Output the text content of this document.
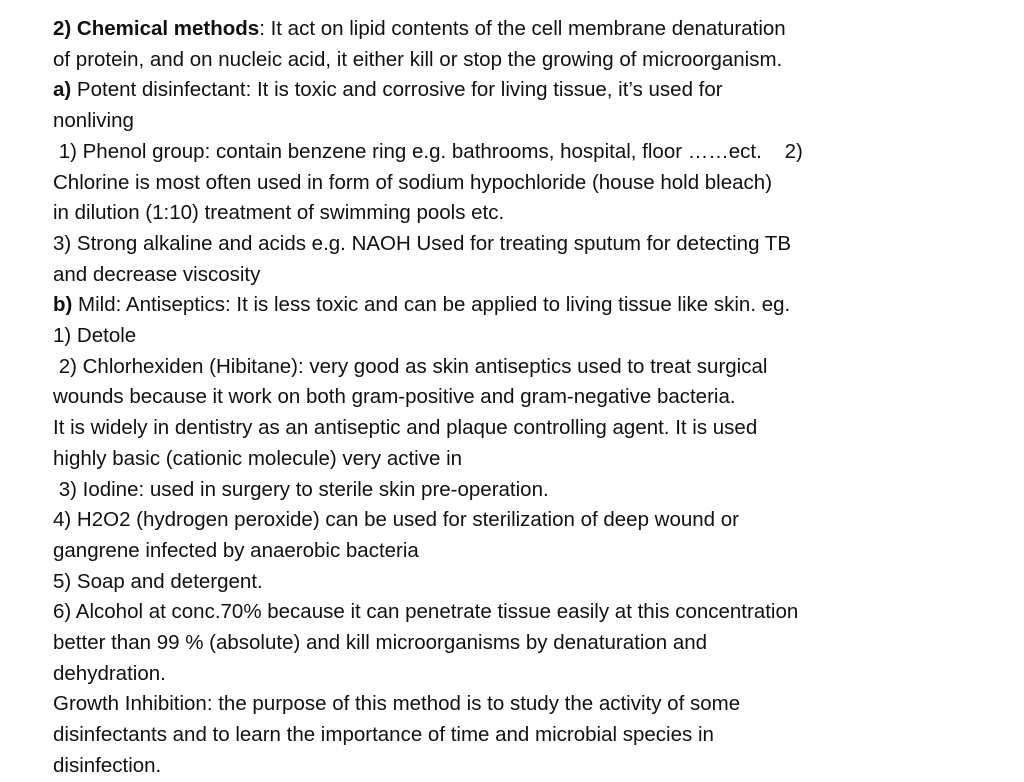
2) Chemical methods: It act on lipid contents of the cell membrane denaturation
of protein, and on nucleic acid, it either kill or stop the growing of microorganism.
a) Potent disinfectant: It is toxic and corrosive for living tissue, it’s used for
nonliving
1) Phenol group: contain benzene ring e.g. bathrooms, hospital, floor ……ect.    2)
Chlorine is most often used in form of sodium hypochloride (house hold bleach)
in dilution (1:10) treatment of swimming pools etc.
3) Strong alkaline and acids e.g. NAOH Used for treating sputum for detecting TB
and decrease viscosity
b) Mild: Antiseptics: It is less toxic and can be applied to living tissue like skin. eg.
1) Detole
2) Chlorhexiden (Hibitane): very good as skin antiseptics used to treat surgical
wounds because it work on both gram-positive and gram-negative bacteria.
It is widely in dentistry as an antiseptic and plaque controlling agent. It is used
highly basic (cationic molecule) very active in
3) Iodine: used in surgery to sterile skin pre-operation.
4) H2O2 (hydrogen peroxide) can be used for sterilization of deep wound or
gangrene infected by anaerobic bacteria
5) Soap and detergent.
6) Alcohol at conc.70% because it can penetrate tissue easily at this concentration
better than 99 % (absolute) and kill microorganisms by denaturation and
dehydration.
Growth Inhibition: the purpose of this method is to study the activity of some
disinfectants and to learn the importance of time and microbial species in
disinfection.
